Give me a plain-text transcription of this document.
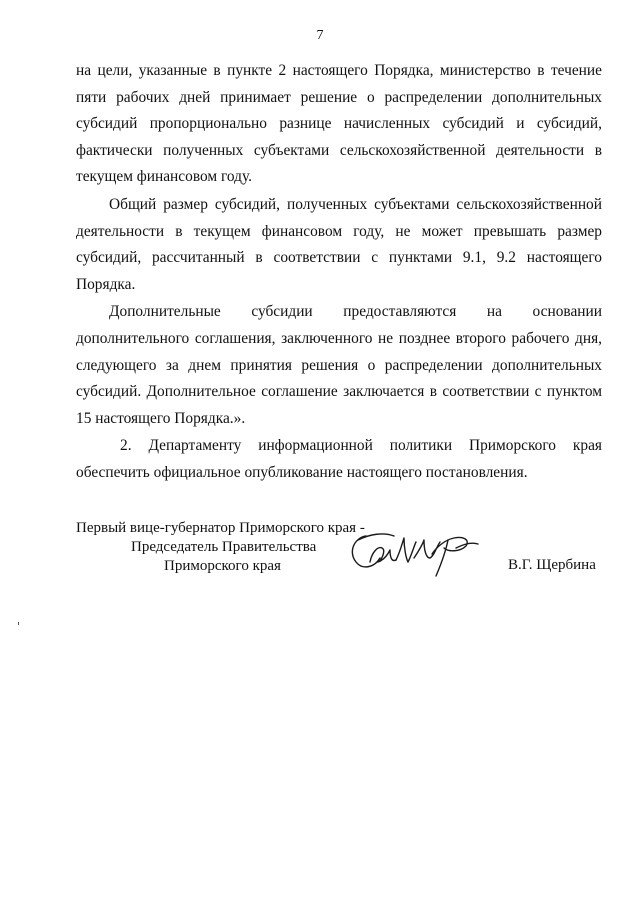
7

на цели, указанные в пункте 2 настоящего Порядка, министерство в течение пяти рабочих дней принимает решение о распределении дополнительных субсидий пропорционально разнице начисленных субсидий и субсидий, фактически полученных субъектами сельскохозяйственной деятельности в текущем финансовом году.

Общий размер субсидий, полученных субъектами сельскохозяйственной деятельности в текущем финансовом году, не может превышать размер субсидий, рассчитанный в соответствии с пунктами 9.1, 9.2 настоящего Порядка.

Дополнительные субсидии предоставляются на основании дополнительного соглашения, заключенного не позднее второго рабочего дня, следующего за днем принятия решения о распределении дополнительных субсидий. Дополнительное соглашение заключается в соответствии с пунктом 15 настоящего Порядка.».

2. Департаменту информационной политики Приморского края обеспечить официальное опубликование настоящего постановления.

Первый вице-губернатор Приморского края -
Председатель Правительства
Приморского края	В.Г. Щербина
